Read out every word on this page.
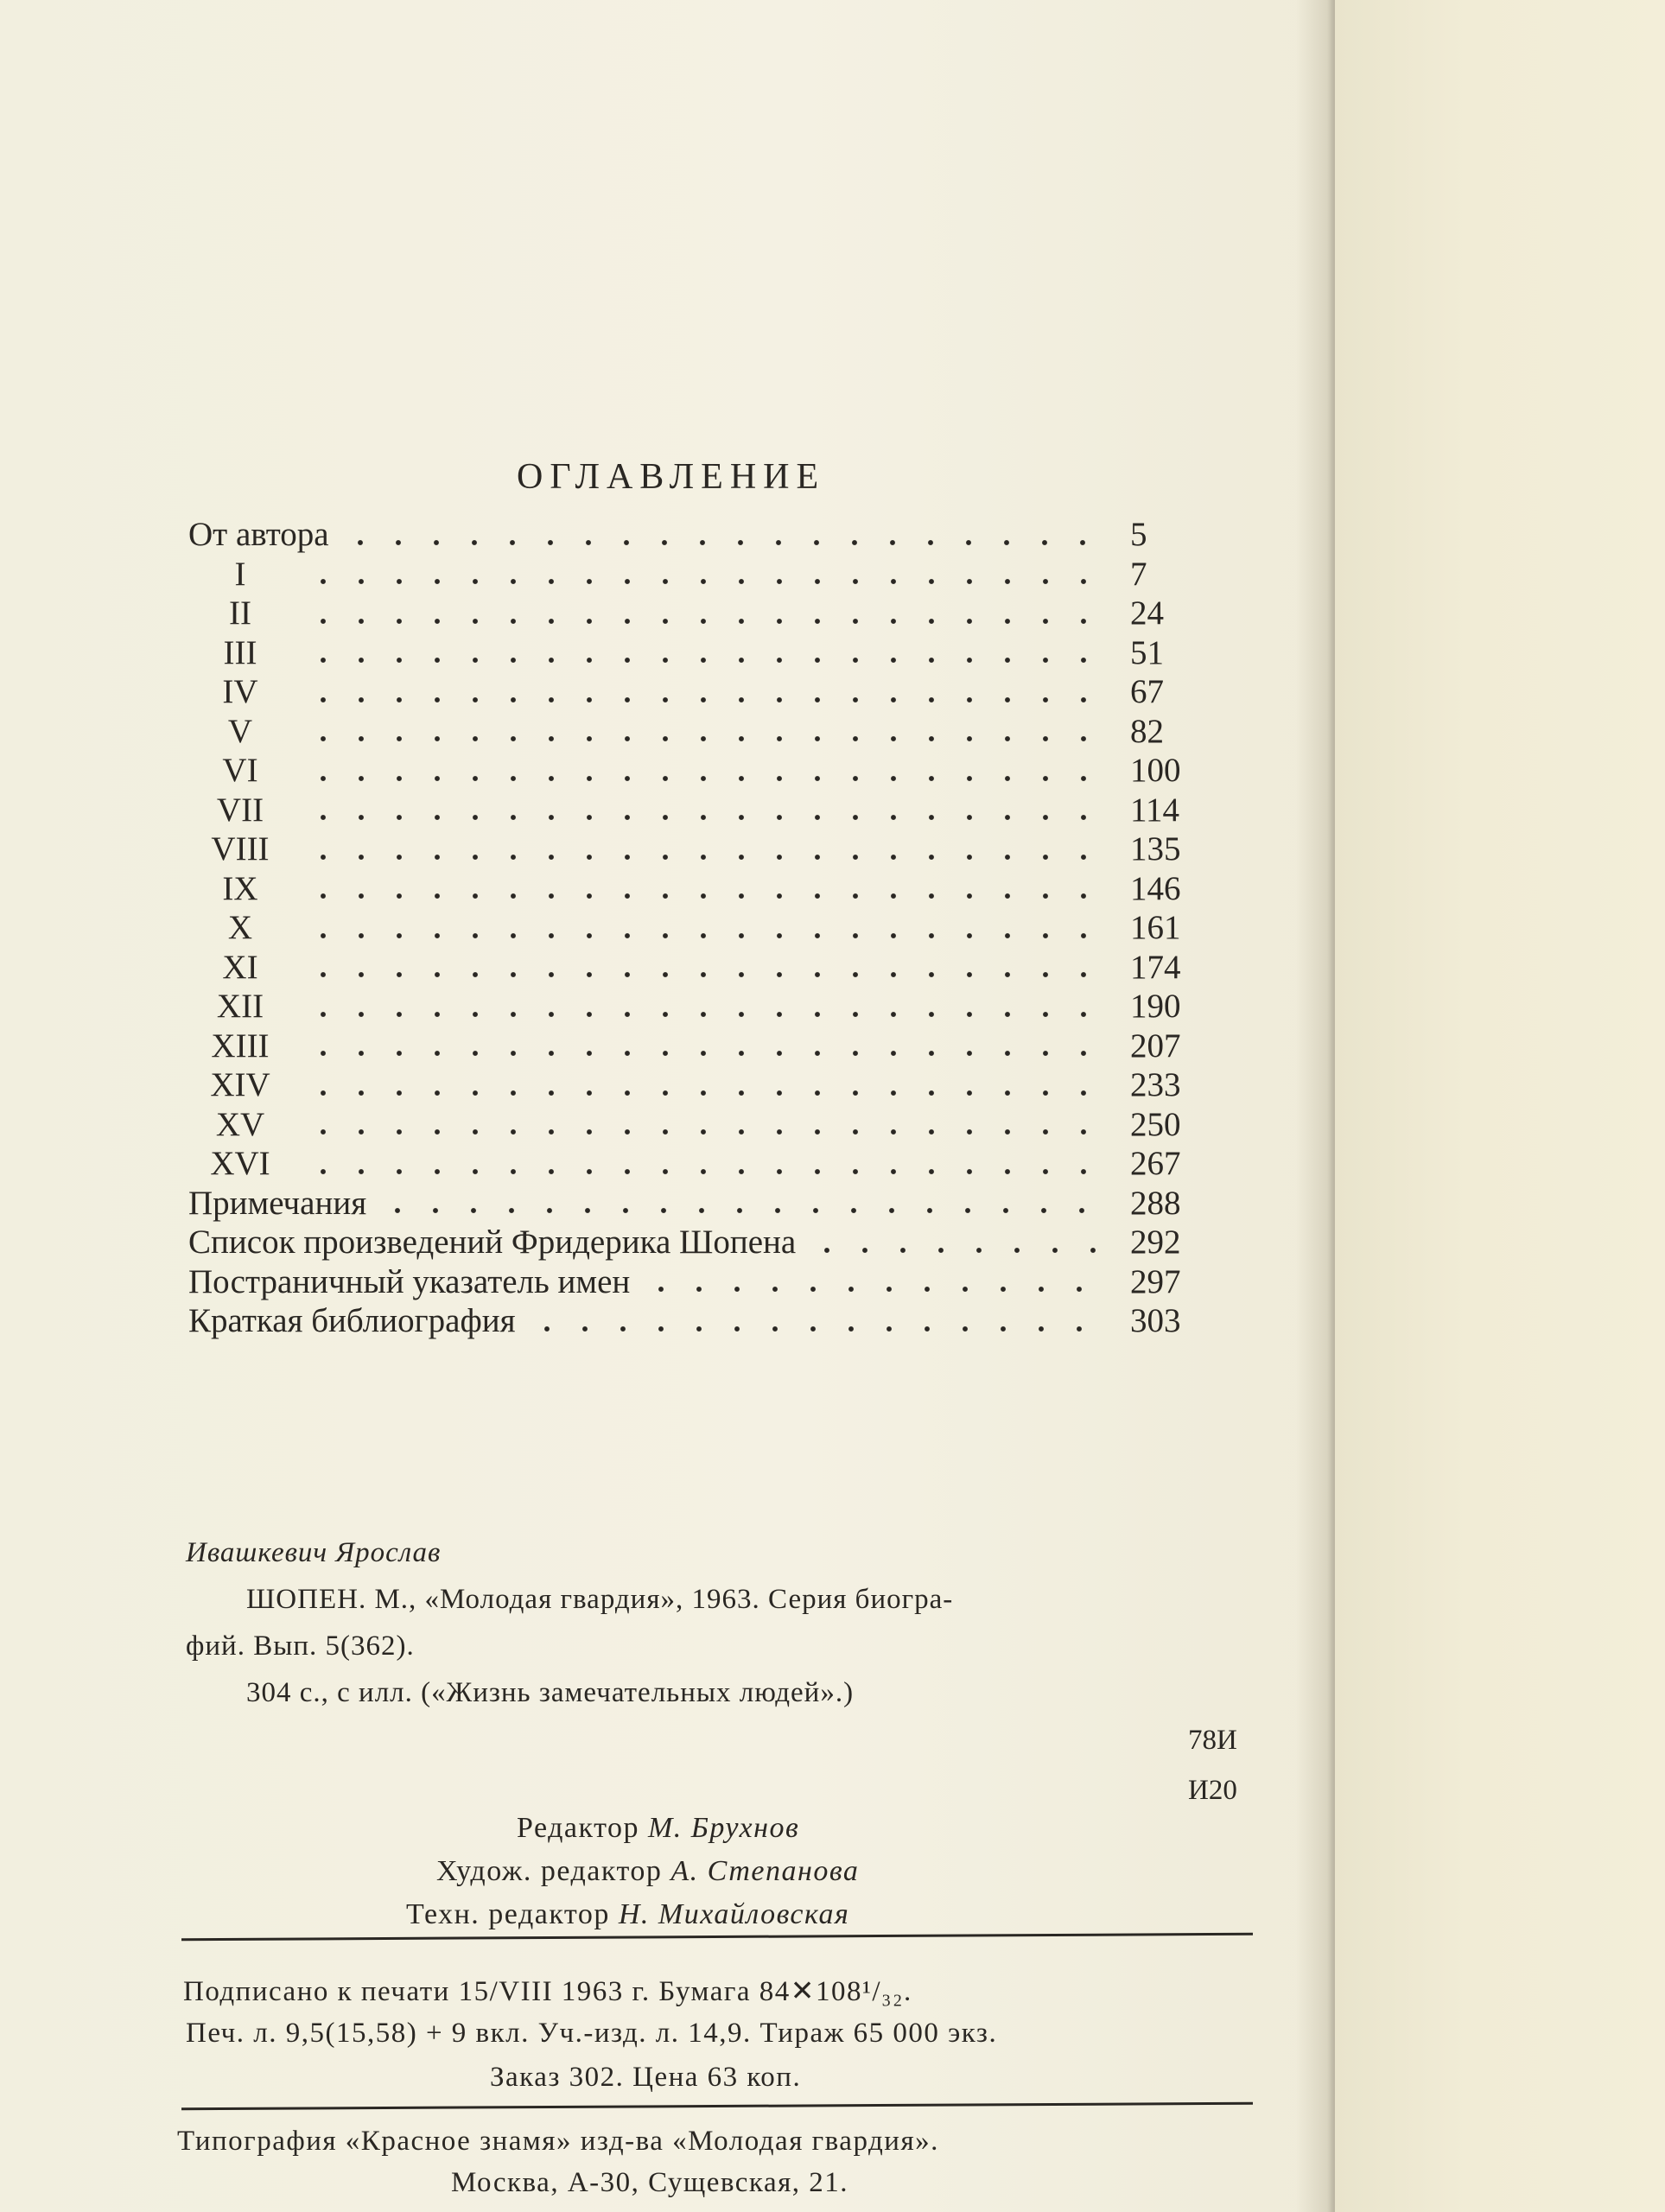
ОГЛАВЛЕНИЕ
От автора	5
I	7
II	24
III	51
IV	67
V	82
VI	100
VII	114
VIII	135
IX	146
X	161
XI	174
XII	190
XIII	207
XIV	233
XV	250
XVI	267
Примечания	288
Список произведений Фридерика Шопена	292
Постраничный указатель имен	297
Краткая библиография	303
Ивашкевич Ярослав
ШОПЕН. М., «Молодая гвардия», 1963. Серия биогра-
фий. Вып. 5(362).
304 с., с илл. («Жизнь замечательных людей».)
78И
И20
Редактор М. Брухнов
Худож. редактор А. Степанова
Техн. редактор Н. Михайловская
Подписано к печати 15/VIII 1963 г. Бумага 84✕108¹/₃₂.
Печ. л. 9,5(15,58) + 9 вкл. Уч.-изд. л. 14,9. Тираж 65 000 экз.
Заказ 302. Цена 63 коп.
Типография «Красное знамя» изд-ва «Молодая гвардия».
Москва, А-30, Сущевская, 21.
